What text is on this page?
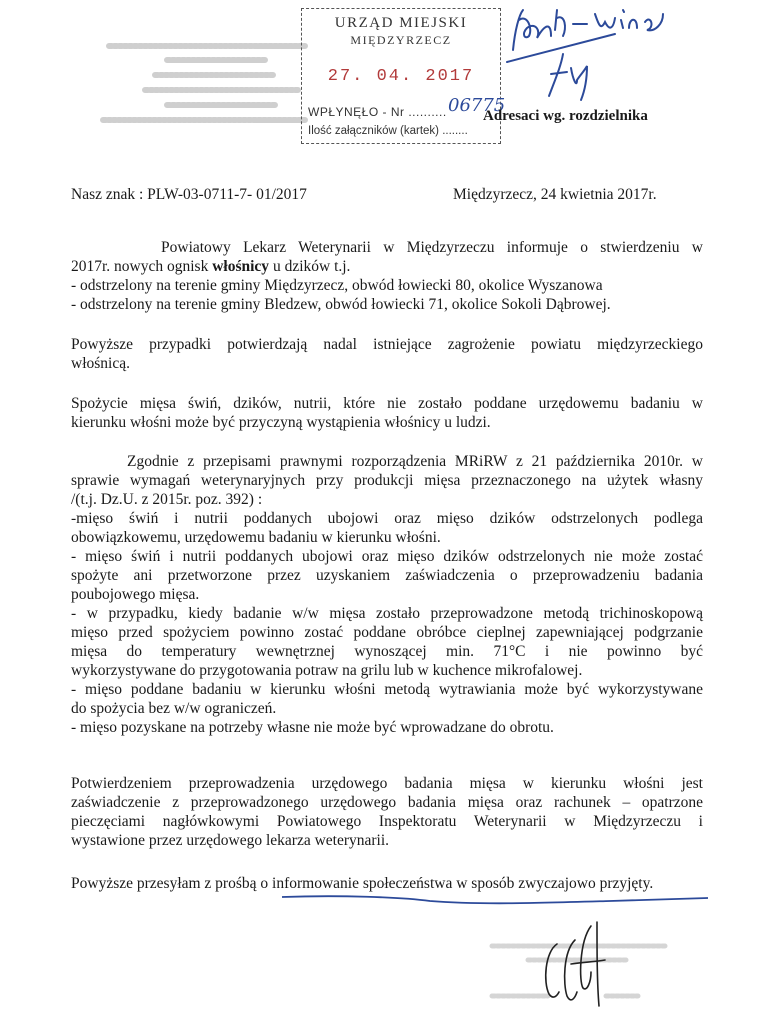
URZĄD MIEJSKI
MIĘDZYRZECZ
27. 04. 2017
WPŁYNĘŁO - Nr .......... 06775
Ilość załączników (kartek) ........
Adresaci wg. rozdzielnika
Nasz znak : PLW-03-0711-7- 01/2017	Międzyrzecz, 24 kwietnia 2017r.
Powiatowy Lekarz Weterynarii w Międzyrzeczu informuje o stwierdzeniu w
2017r. nowych ognisk włośnicy u dzików t.j.
- odstrzelony na terenie gminy Międzyrzecz, obwód łowiecki 80, okolice Wyszanowa
- odstrzelony na terenie gminy Bledzew, obwód łowiecki 71, okolice Sokoli Dąbrowej.
Powyższe przypadki potwierdzają nadal istniejące zagrożenie powiatu międzyrzeckiego
włośnicą.
Spożycie mięsa świń, dzików, nutrii, które nie zostało poddane urzędowemu badaniu w
kierunku włośni może być przyczyną wystąpienia włośnicy u ludzi.
Zgodnie z przepisami prawnymi rozporządzenia MRiRW z 21 października 2010r. w
sprawie wymagań weterynaryjnych przy produkcji mięsa przeznaczonego na użytek własny
/(t.j. Dz.U. z 2015r. poz. 392) :
-mięso świń i nutrii poddanych ubojowi oraz mięso dzików odstrzelonych podlega
obowiązkowemu, urzędowemu badaniu w kierunku włośni.
- mięso świń i nutrii poddanych ubojowi oraz mięso dzików odstrzelonych nie może zostać
spożyte ani przetworzone przez uzyskaniem zaświadczenia o przeprowadzeniu badania
poubojowego mięsa.
- w przypadku, kiedy badanie w/w mięsa zostało przeprowadzone metodą trichinoskopową
mięso przed spożyciem powinno zostać poddane obróbce cieplnej zapewniającej podgrzanie
mięsa do temperatury wewnętrznej wynoszącej min. 71°C i nie powinno być
wykorzystywane do przygotowania potraw na grilu lub w kuchence mikrofalowej.
- mięso poddane badaniu w kierunku włośni metodą wytrawiania może być wykorzystywane
do spożycia bez w/w ograniczeń.
- mięso pozyskane na potrzeby własne nie może być wprowadzane do obrotu.
Potwierdzeniem przeprowadzenia urzędowego badania mięsa w kierunku włośni jest
zaświadczenie z przeprowadzonego urzędowego badania mięsa oraz rachunek – opatrzone
pieczęciami nagłówkowymi Powiatowego Inspektoratu Weterynarii w Międzyrzeczu i
wystawione przez urzędowego lekarza weterynarii.
Powyższe przesyłam z prośbą o informowanie społeczeństwa w sposób zwyczajowo przyjęty.
